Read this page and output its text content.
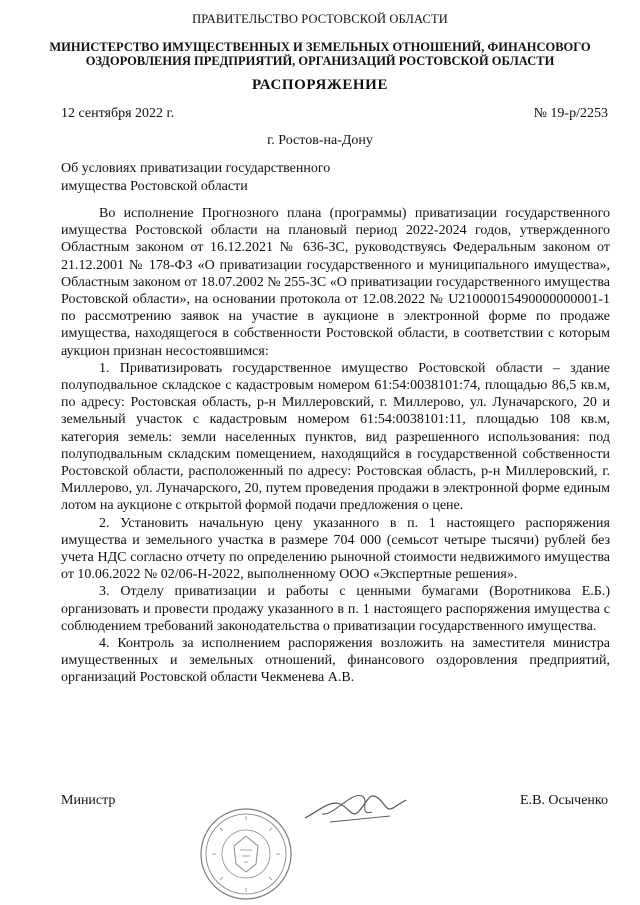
ПРАВИТЕЛЬСТВО РОСТОВСКОЙ ОБЛАСТИ
МИНИСТЕРСТВО ИМУЩЕСТВЕННЫХ И ЗЕМЕЛЬНЫХ ОТНОШЕНИЙ, ФИНАНСОВОГО
ОЗДОРОВЛЕНИЯ ПРЕДПРИЯТИЙ, ОРГАНИЗАЦИЙ РОСТОВСКОЙ ОБЛАСТИ
РАСПОРЯЖЕНИЕ
12 сентября 2022 г.	№ 19-р/2253
г. Ростов-на-Дону
Об условиях приватизации государственного
имущества Ростовской области

Во исполнение Прогнозного плана (программы) приватизации государственного имущества Ростовской области на плановый период 2022-2024 годов, утвержденного Областным законом от 16.12.2021 № 636-ЗС, руководствуясь Федеральным законом от 21.12.2001 № 178-ФЗ «О приватизации государственного и муниципального имущества», Областным законом от 18.07.2002 № 255-ЗС «О приватизации государственного имущества Ростовской области», на основании протокола от 12.08.2022 № U21000015490000000001-1 по рассмотрению заявок на участие в аукционе в электронной форме по продаже имущества, находящегося в собственности Ростовской области, в соответствии с которым аукцион признан несостоявшимся:

1. Приватизировать государственное имущество Ростовской области – здание полуподвальное складское с кадастровым номером 61:54:0038101:74, площадью 86,5 кв.м, по адресу: Ростовская область, р-н Миллеровский, г. Миллерово, ул. Луначарского, 20 и земельный участок с кадастровым номером 61:54:0038101:11, площадью 108 кв.м, категория земель: земли населенных пунктов, вид разрешенного использования: под полуподвальным складским помещением, находящийся в государственной собственности Ростовской области, расположенный по адресу: Ростовская область, р-н Миллеровский, г. Миллерово, ул. Луначарского, 20, путем проведения продажи в электронной форме единым лотом на аукционе с открытой формой подачи предложения о цене.

2. Установить начальную цену указанного в п. 1 настоящего распоряжения имущества и земельного участка в размере 704 000 (семьсот четыре тысячи) рублей без учета НДС согласно отчету по определению рыночной стоимости недвижимого имущества от 10.06.2022 № 02/06-Н-2022, выполненному ООО «Экспертные решения».

3. Отделу приватизации и работы с ценными бумагами (Воротникова Е.Б.) организовать и провести продажу указанного в п. 1 настоящего распоряжения имущества с соблюдением требований законодательства о приватизации государственного имущества.

4. Контроль за исполнением распоряжения возложить на заместителя министра имущественных и земельных отношений, финансового оздоровления предприятий, организаций Ростовской области Чекменева А.В.

Министр	Е.В. Осыченко
